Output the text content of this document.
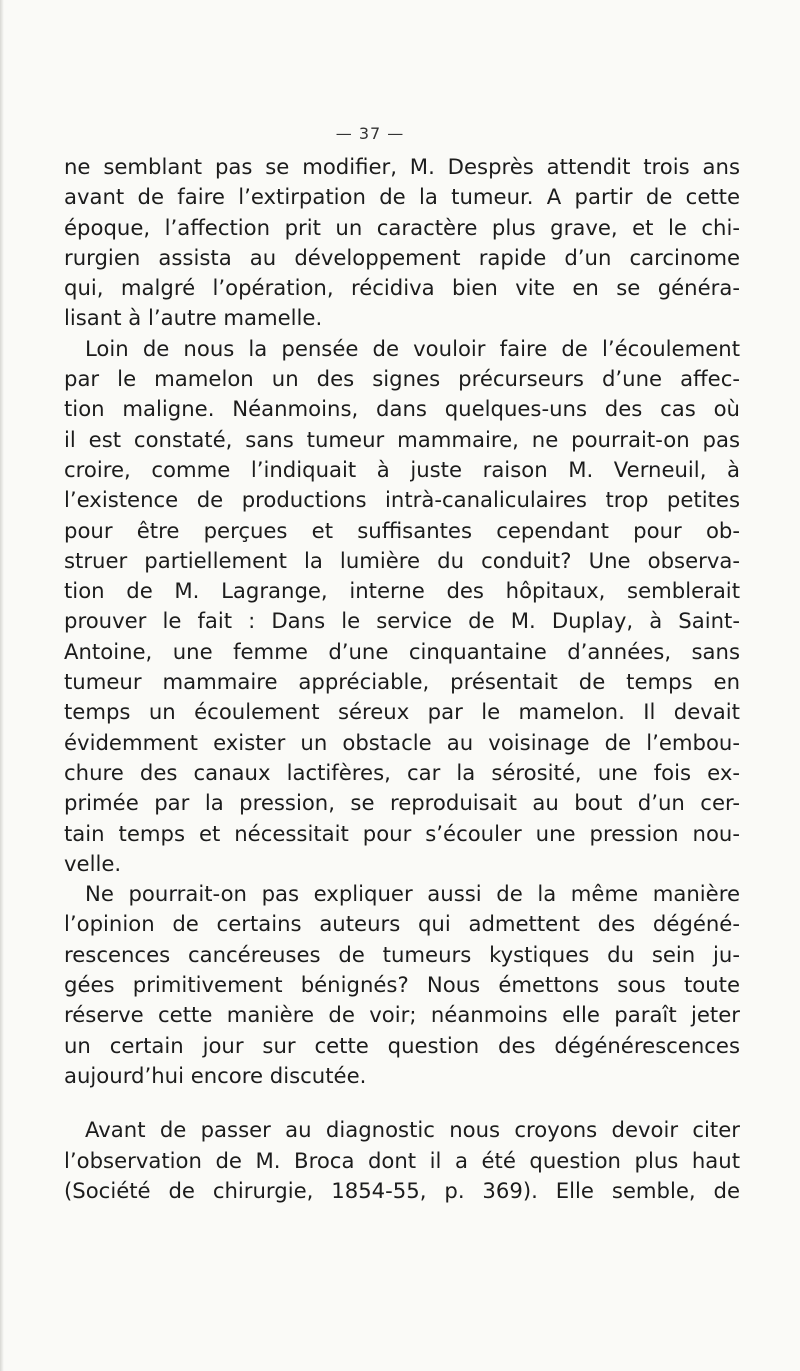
— 37 —
ne semblant pas se modifier, M. Desprès attendit trois ans
avant de faire l’extirpation de la tumeur. A partir de cette
époque, l’affection prit un caractère plus grave, et le chi-
rurgien assista au développement rapide d’un carcinome
qui, malgré l’opération, récidiva bien vite en se généra-
lisant à l’autre mamelle.
Loin de nous la pensée de vouloir faire de l’écoulement
par le mamelon un des signes précurseurs d’une affec-
tion maligne. Néanmoins, dans quelques-uns des cas où
il est constaté, sans tumeur mammaire, ne pourrait-on pas
croire, comme l’indiquait à juste raison M. Verneuil, à
l’existence de productions intrà-canaliculaires trop petites
pour être perçues et suffisantes cependant pour ob-
struer partiellement la lumière du conduit? Une observa-
tion de M. Lagrange, interne des hôpitaux, semblerait
prouver le fait : Dans le service de M. Duplay, à Saint-
Antoine, une femme d’une cinquantaine d’années, sans
tumeur mammaire appréciable, présentait de temps en
temps un écoulement séreux par le mamelon. Il devait
évidemment exister un obstacle au voisinage de l’embou-
chure des canaux lactifères, car la sérosité, une fois ex-
primée par la pression, se reproduisait au bout d’un cer-
tain temps et nécessitait pour s’écouler une pression nou-
velle.
Ne pourrait-on pas expliquer aussi de la même manière
l’opinion de certains auteurs qui admettent des dégéné-
rescences cancéreuses de tumeurs kystiques du sein ju-
gées primitivement bénignés? Nous émettons sous toute
réserve cette manière de voir; néanmoins elle paraît jeter
un certain jour sur cette question des dégénérescences
aujourd’hui encore discutée.
Avant de passer au diagnostic nous croyons devoir citer
l’observation de M. Broca dont il a été question plus haut
(Société de chirurgie, 1854-55, p. 369). Elle semble, de
